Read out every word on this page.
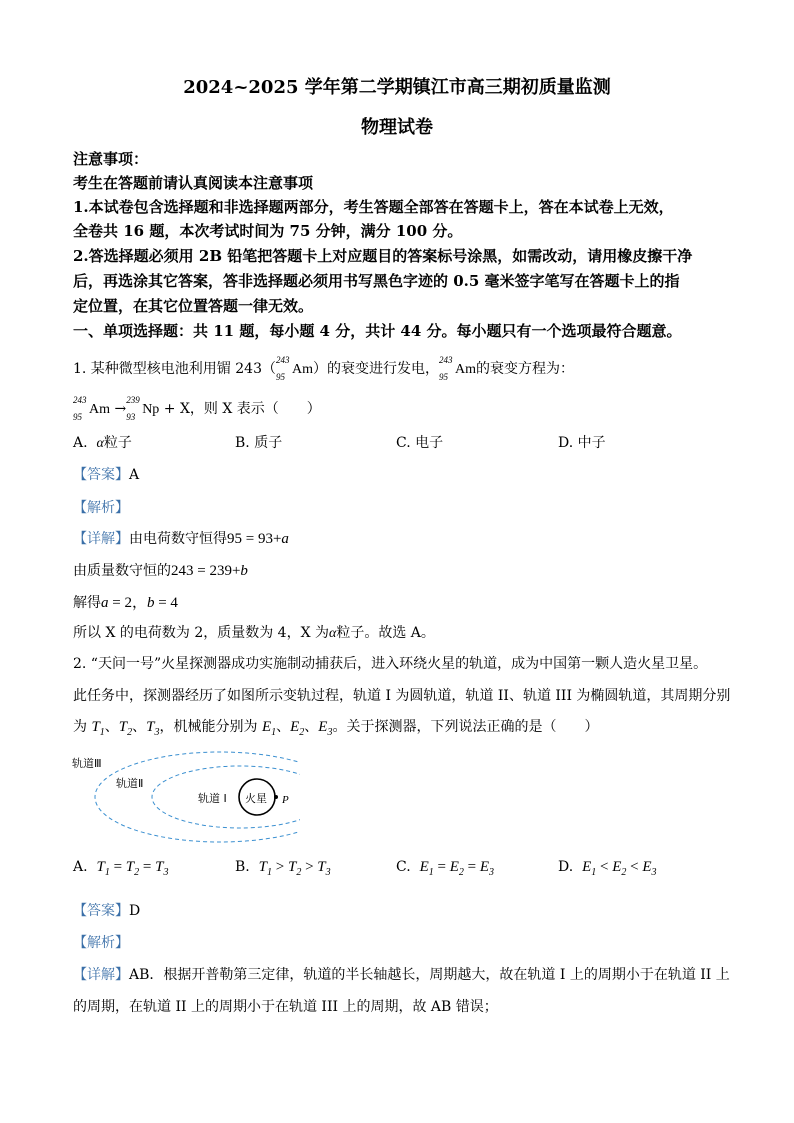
2024~2025 学年第二学期镇江市高三期初质量监测
物理试卷
注意事项：
考生在答题前请认真阅读本注意事项
1.本试卷包含选择题和非选择题两部分，考生答题全部答在答题卡上，答在本试卷上无效，
全卷共 16 题，本次考试时间为 75 分钟，满分 100 分。
2.答选择题必须用 2B 铅笔把答题卡上对应题目的答案标号涂黑，如需改动，请用橡皮擦干净
后，再选涂其它答案，答非选择题必须用书写黑色字迹的 0.5 毫米签字笔写在答题卡上的指
定位置，在其它位置答题一律无效。
一、单项选择题：共 11 题，每小题 4 分，共计 44 分。每小题只有一个选项最符合题意。
1. 某种微型核电池利用镅 243（
243
95 Am）的衰变进行发电，
243
95 Am的衰变方程为：
243
95 Am →
239
93 Np + X，则 X 表示（　　）
A. α粒子	B. 质子	C. 电子	D. 中子
【答案】A
【解析】
【详解】由电荷数守恒得95 = 93+a
由质量数守恒的243 = 239+b
解得a = 2，b = 4
所以 X 的电荷数为 2，质量数为 4，X 为α粒子。故选 A。
2. “天问一号”火星探测器成功实施制动捕获后，进入环绕火星的轨道，成为中国第一颗人造火星卫星。
此任务中，探测器经历了如图所示变轨过程，轨道 I 为圆轨道，轨道 II、轨道 III 为椭圆轨道，其周期分别
为 $T_1$、$T_2$、$T_3$，机械能分别为 $E_1$、$E_2$、$E_3$。关于探测器，下列说法正确的是（　　）
轨道Ⅲ
轨道Ⅱ
轨道 I 火星 P
A. $T_1 = T_2 = T_3$	B. $T_1 > T_2 > T_3$	C. $E_1 = E_2 = E_3$	D. $E_1 < E_2 < E_3$
【答案】D
【解析】
【详解】AB．根据开普勒第三定律，轨道的半长轴越长，周期越大，故在轨道 I 上的周期小于在轨道 II 上
的周期，在轨道 II 上的周期小于在轨道 III 上的周期，故 AB 错误；
